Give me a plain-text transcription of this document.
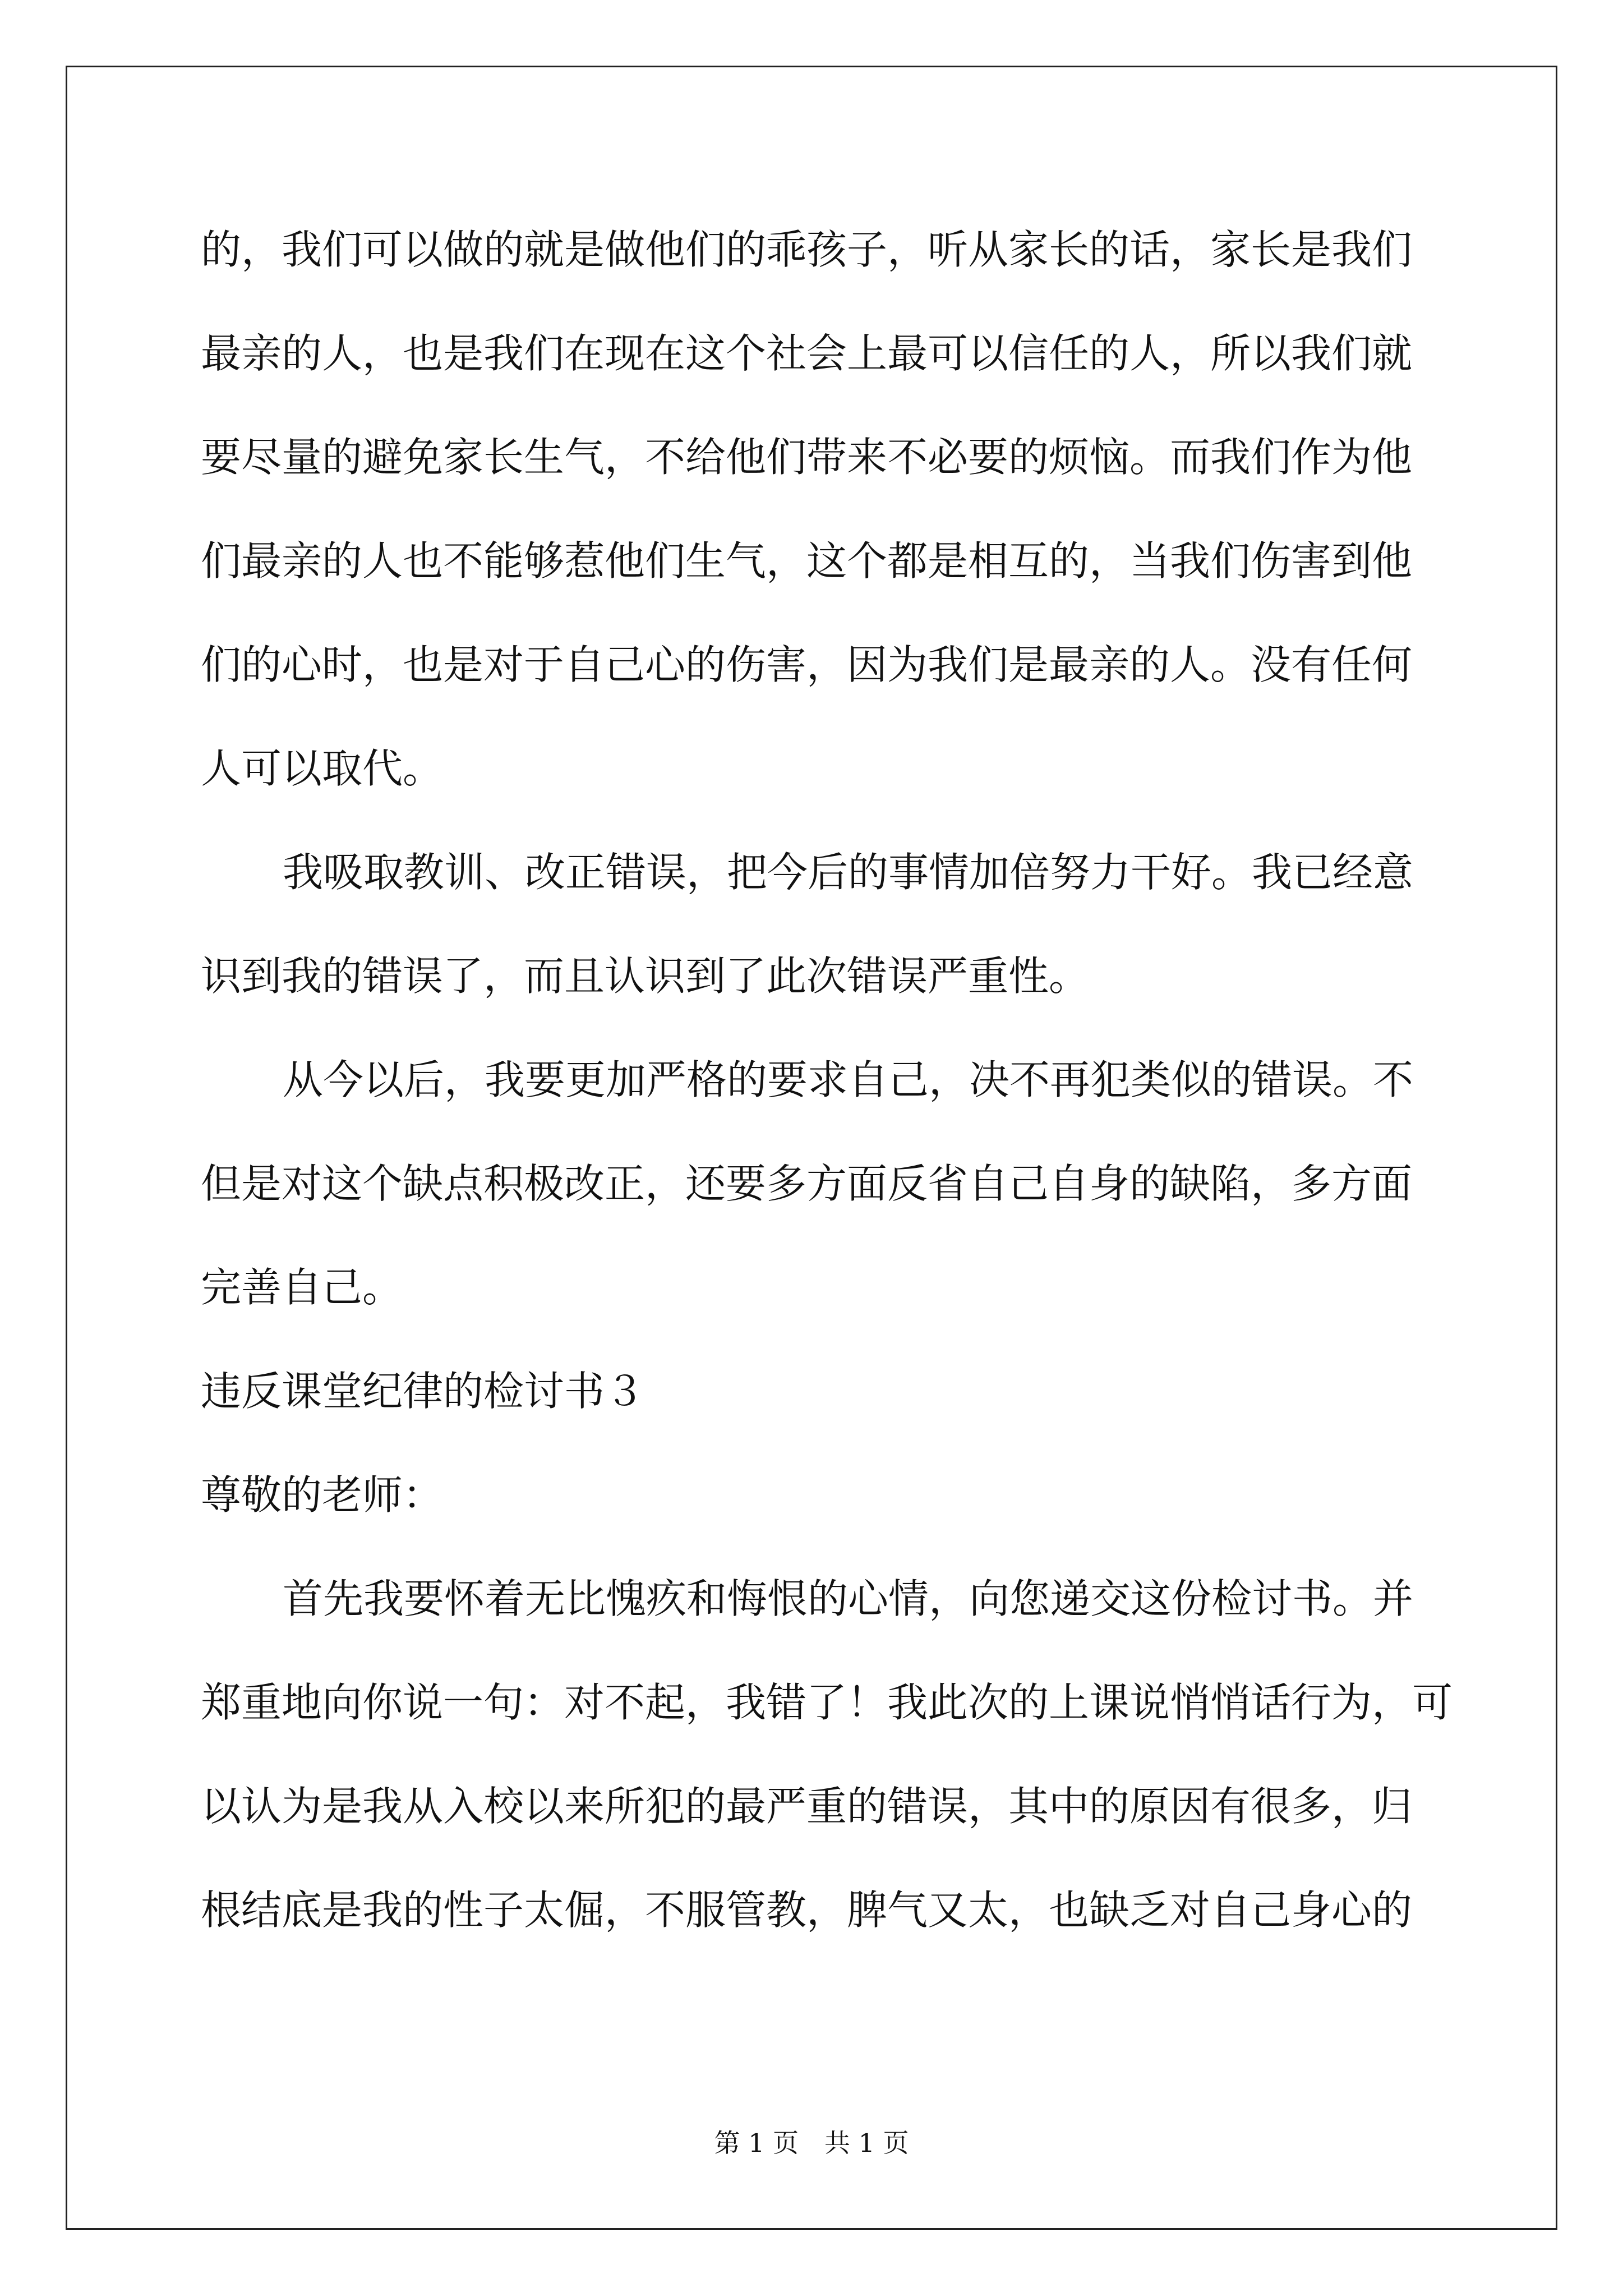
的，我们可以做的就是做他们的乖孩子，听从家长的话，家长是我们
最亲的人，也是我们在现在这个社会上最可以信任的人，所以我们就
要尽量的避免家长生气，不给他们带来不必要的烦恼。而我们作为他
们最亲的人也不能够惹他们生气，这个都是相互的，当我们伤害到他
们的心时，也是对于自己心的伤害，因为我们是最亲的人。没有任何
人可以取代。
我吸取教训、改正错误，把今后的事情加倍努力干好。我已经意
识到我的错误了，而且认识到了此次错误严重性。
从今以后，我要更加严格的要求自己，决不再犯类似的错误。不
但是对这个缺点积极改正，还要多方面反省自己自身的缺陷，多方面
完善自己。
违反课堂纪律的检讨书３
尊敬的老师：
首先我要怀着无比愧疚和悔恨的心情，向您递交这份检讨书。并
郑重地向你说一句：对不起，我错了！我此次的上课说悄悄话行为，可
以认为是我从入校以来所犯的最严重的错误，其中的原因有很多，归
根结底是我的性子太倔，不服管教，脾气又太，也缺乏对自己身心的
第 1 页　共 1 页
